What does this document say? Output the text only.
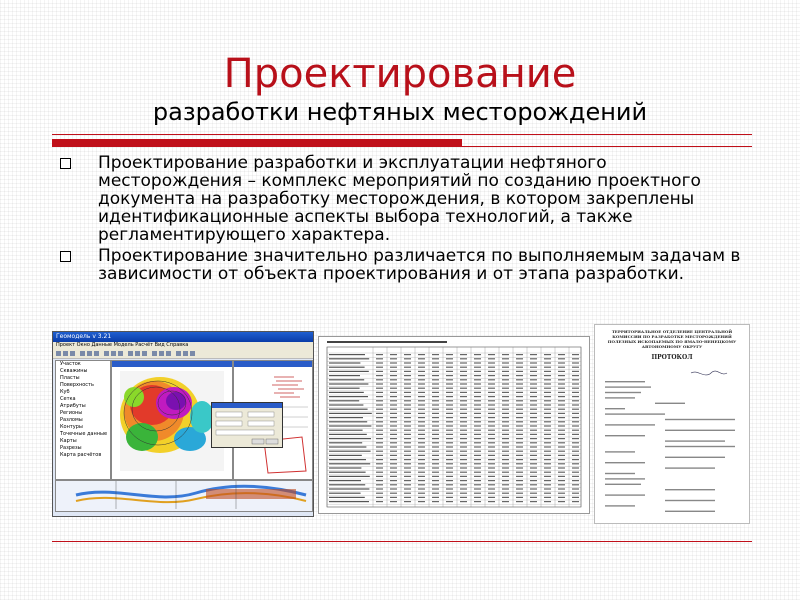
Проектирование
разработки нефтяных месторождений
Проектирование разработки и эксплуатации нефтяного месторождения – комплекс мероприятий по созданию проектного документа на разработку месторождения, в котором закреплены идентификационные аспекты выбора технологий, а также регламентирующего характера.
Проектирование значительно различается по выполняемым задачам в зависимости от объекта проектирования и от этапа разработки.
Геомодель v 3.21
Проект Окно Данные Модель Расчёт Вид Справка
Участок
Скважины
Пласты
Поверхность
Куб
Сетка
Атрибуты
Регионы
Разломы
Контуры
Точечные данные
Карты
Разрезы
Карта расчётов
ТЕРРИТОРИАЛЬНОЕ ОТДЕЛЕНИЕ ЦЕНТРАЛЬНОЙ КОМИССИИ ПО РАЗРАБОТКЕ МЕСТОРОЖДЕНИЙ ПОЛЕЗНЫХ ИСКОПАЕМЫХ ПО ЯМАЛО-НЕНЕЦКОМУ АВТОНОМНОМУ ОКРУГУ
ПРОТОКОЛ
